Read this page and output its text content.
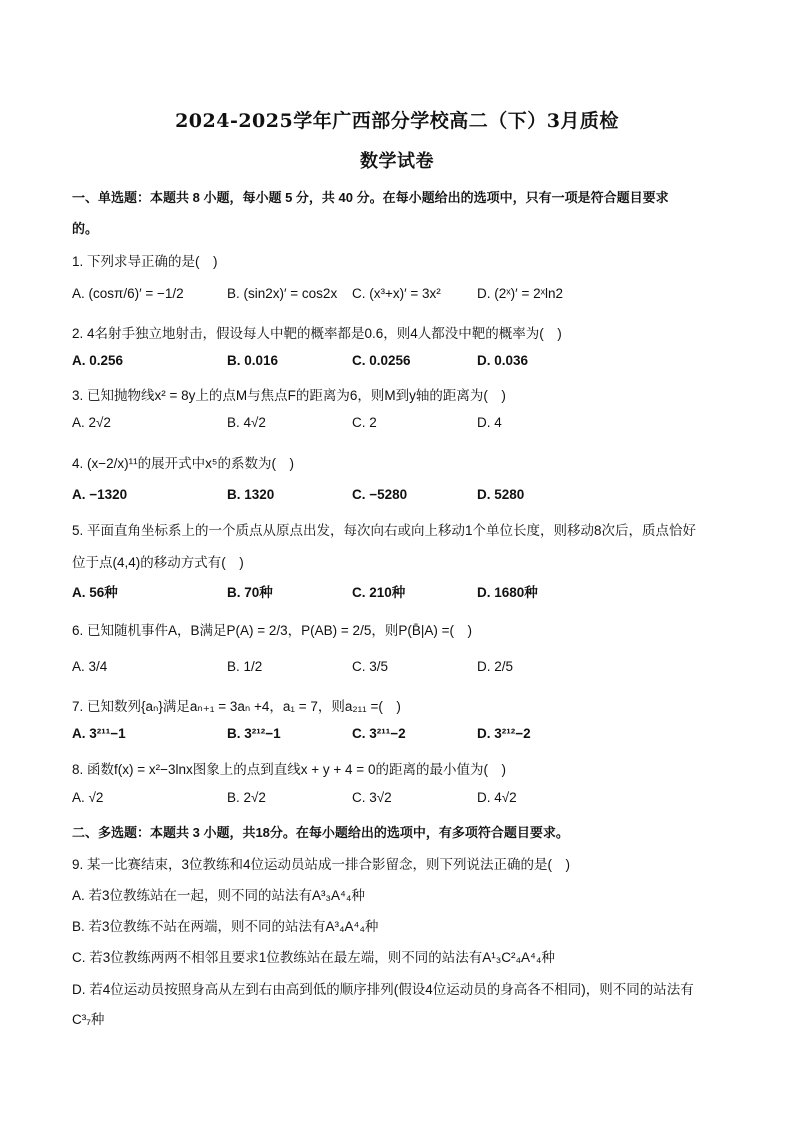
2024-2025学年广西部分学校高二（下）3月质检
数学试卷
一、单选题：本题共 8 小题，每小题 5 分，共 40 分。在每小题给出的选项中，只有一项是符合题目要求
的。
1. 下列求导正确的是(　)
A. (cosπ/6)′ = −1/2	B. (sin2x)′ = cos2x C. (x³+x)′ = 3x²	D. (2ˣ)′ = 2ˣln2
2. 4名射手独立地射击，假设每人中靶的概率都是0.6，则4人都没中靶的概率为(　)
A. 0.256	B. 0.016	C. 0.0256	D. 0.036
3. 已知抛物线x² = 8y上的点M与焦点F的距离为6，则M到y轴的距离为(　)
A. 2√2	B. 4√2	C. 2	D. 4
4. (x−2/x)¹¹的展开式中x⁵的系数为(　)
A. −1320	B. 1320	C. −5280	D. 5280
5. 平面直角坐标系上的一个质点从原点出发，每次向右或向上移动1个单位长度，则移动8次后，质点恰好
位于点(4,4)的移动方式有(　)
A. 56种	B. 70种	C. 210种	D. 1680种
6. 已知随机事件A，B满足P(A) = 2/3，P(AB) = 2/5，则P(B̄|A) =(　)
A. 3/4	B. 1/2	C. 3/5	D. 2/5
7. 已知数列{aₙ}满足aₙ₊₁ = 3aₙ +4，a₁ = 7，则a₂₁₁ =(　)
A. 3²¹¹−1	B. 3²¹²−1	C. 3²¹¹−2	D. 3²¹²−2
8. 函数f(x) = x²−3lnx图象上的点到直线x + y + 4 = 0的距离的最小值为(　)
A. √2	B. 2√2	C. 3√2	D. 4√2
二、多选题：本题共 3 小题，共18分。在每小题给出的选项中，有多项符合题目要求。
9. 某一比赛结束，3位教练和4位运动员站成一排合影留念，则下列说法正确的是(　)
A. 若3位教练站在一起，则不同的站法有A³₃A⁴₄种
B. 若3位教练不站在两端，则不同的站法有A³₄A⁴₄种
C. 若3位教练两两不相邻且要求1位教练站在最左端，则不同的站法有A¹₃C²₄A⁴₄种
D. 若4位运动员按照身高从左到右由高到低的顺序排列(假设4位运动员的身高各不相同)，则不同的站法有
C³₇种
